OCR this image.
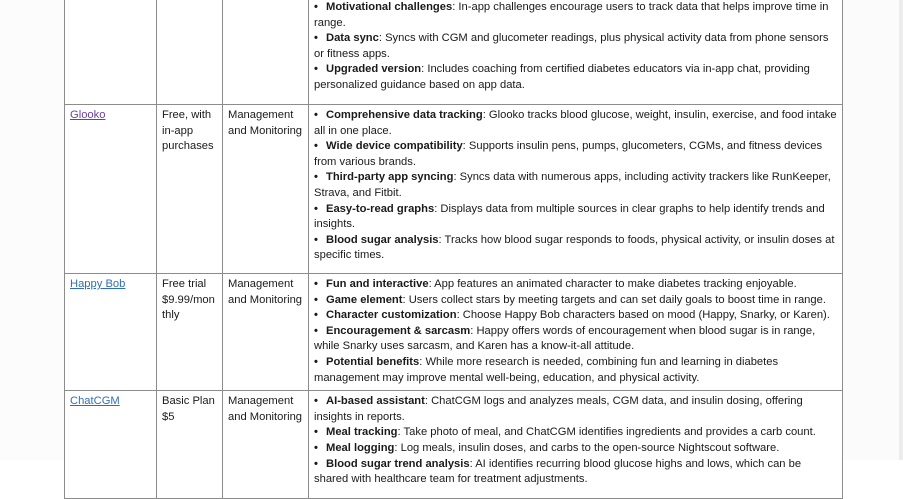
• Motivational challenges: In-app challenges encourage users to track data that helps improve time in range.
• Data sync: Syncs with CGM and glucometer readings, plus physical activity data from phone sensors or fitness apps.
• Upgraded version: Includes coaching from certified diabetes educators via in-app chat, providing personalized guidance based on app data.

Glooko	Free, with in-app purchases	Management and Monitoring	
• Comprehensive data tracking: Glooko tracks blood glucose, weight, insulin, exercise, and food intake all in one place.
• Wide device compatibility: Supports insulin pens, pumps, glucometers, CGMs, and fitness devices from various brands.
• Third-party app syncing: Syncs data with numerous apps, including activity trackers like RunKeeper, Strava, and Fitbit.
• Easy-to-read graphs: Displays data from multiple sources in clear graphs to help identify trends and insights.
• Blood sugar analysis: Tracks how blood sugar responds to foods, physical activity, or insulin doses at specific times.

Happy Bob	Free trial $9.99/monthly	Management and Monitoring	
• Fun and interactive: App features an animated character to make diabetes tracking enjoyable.
• Game element: Users collect stars by meeting targets and can set daily goals to boost time in range.
• Character customization: Choose Happy Bob characters based on mood (Happy, Snarky, or Karen).
• Encouragement & sarcasm: Happy offers words of encouragement when blood sugar is in range, while Snarky uses sarcasm, and Karen has a know-it-all attitude.
• Potential benefits: While more research is needed, combining fun and learning in diabetes management may improve mental well-being, education, and physical activity.

ChatCGM	Basic Plan $5	Management and Monitoring	
• AI-based assistant: ChatCGM logs and analyzes meals, CGM data, and insulin dosing, offering insights in reports.
• Meal tracking: Take photo of meal, and ChatCGM identifies ingredients and provides a carb count.
• Meal logging: Log meals, insulin doses, and carbs to the open-source Nightscout software.
• Blood sugar trend analysis: AI identifies recurring blood glucose highs and lows, which can be shared with healthcare team for treatment adjustments.
